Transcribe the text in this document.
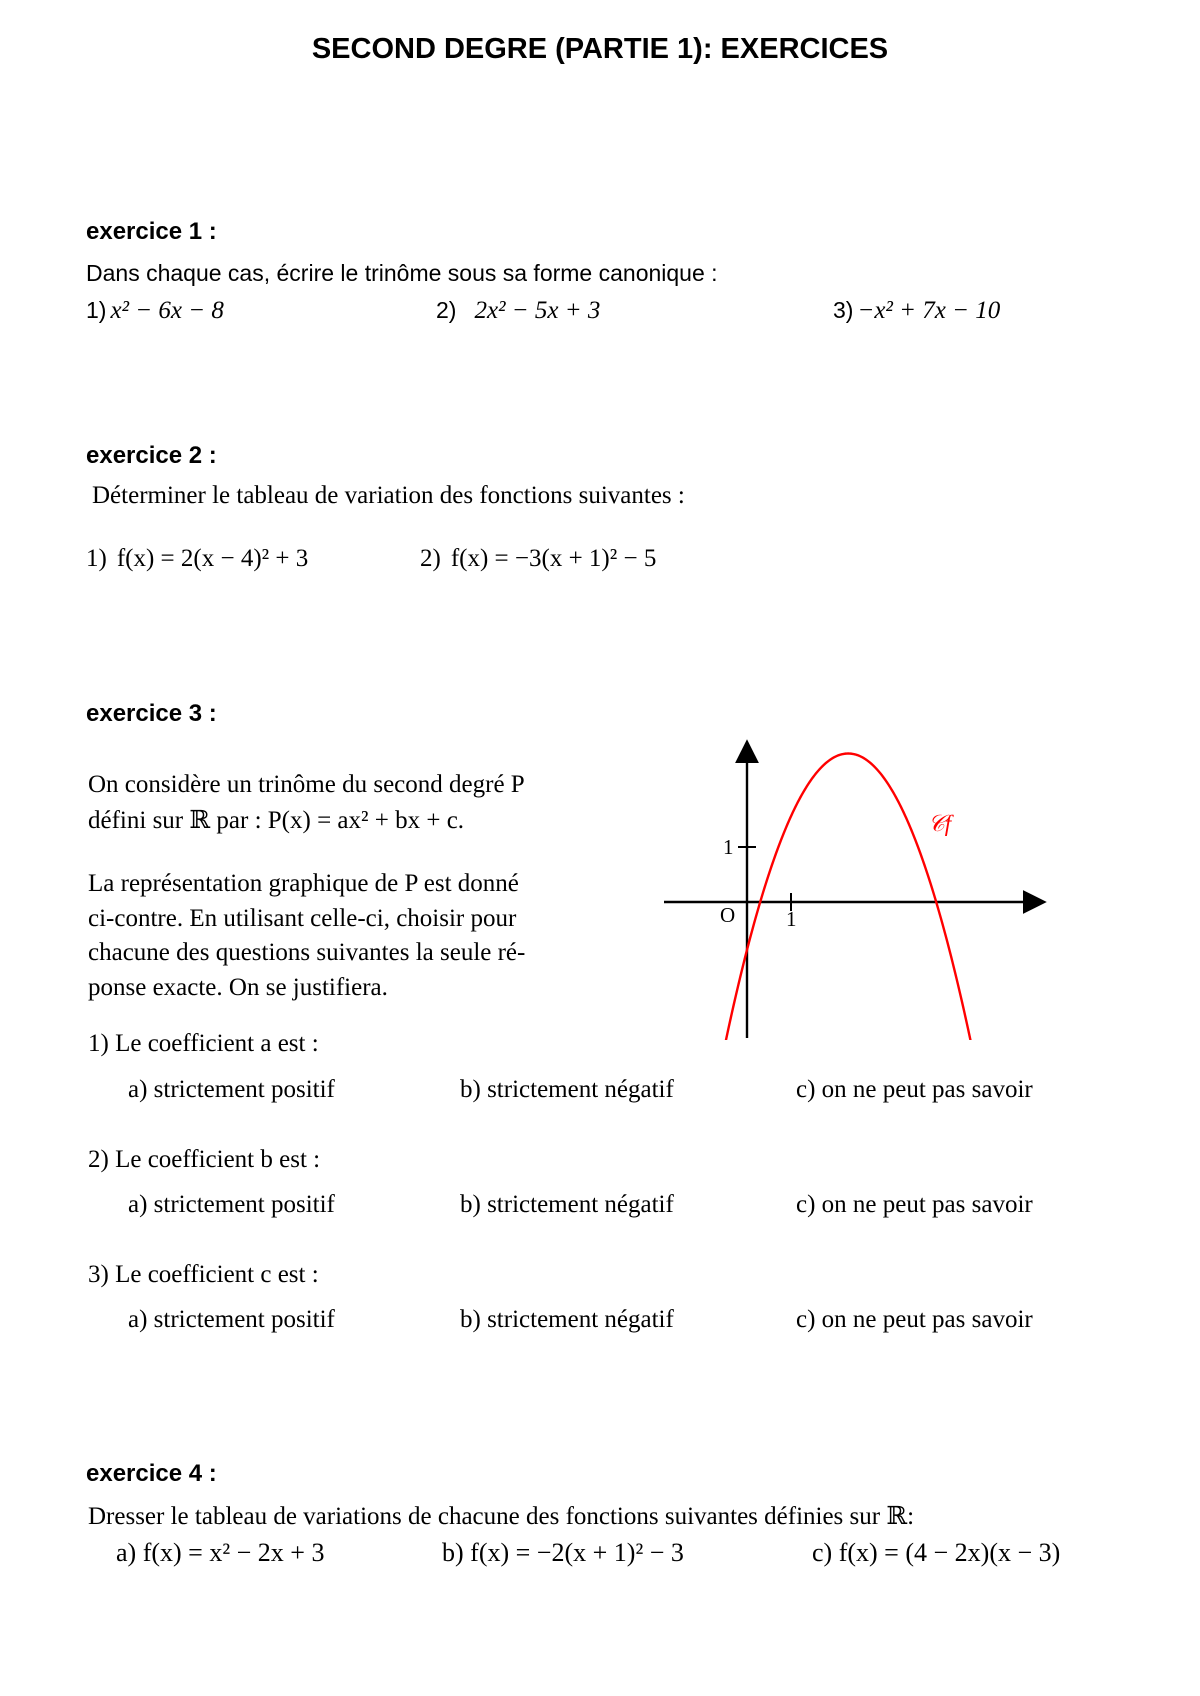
SECOND DEGRE (PARTIE 1): EXERCICES
exercice 1 :
Dans chaque cas, écrire le trinôme sous sa forme canonique :
1) x² − 6x − 8	2) 2x² − 5x + 3	3) −x² + 7x − 10
exercice 2 :
Déterminer le tableau de variation des fonctions suivantes :
1) f(x) = 2(x − 4)² + 3	2) f(x) = −3(x + 1)² − 5
exercice 3 :
On considère un trinôme du second degré P
défini sur ℝ par : P(x) = ax² + bx + c.
La représentation graphique de P est donné
ci-contre. En utilisant celle-ci, choisir pour
chacune des questions suivantes la seule ré-
ponse exacte. On se justifiera.
1
O 1
𝒞f
1) Le coefficient a est :
a) strictement positif	b) strictement négatif	c) on ne peut pas savoir
2) Le coefficient b est :
a) strictement positif	b) strictement négatif	c) on ne peut pas savoir
3) Le coefficient c est :
a) strictement positif	b) strictement négatif	c) on ne peut pas savoir
exercice 4 :
Dresser le tableau de variations de chacune des fonctions suivantes définies sur ℝ:
a) f(x) = x² − 2x + 3	b) f(x) = −2(x + 1)² − 3	c) f(x) = (4 − 2x)(x − 3)
